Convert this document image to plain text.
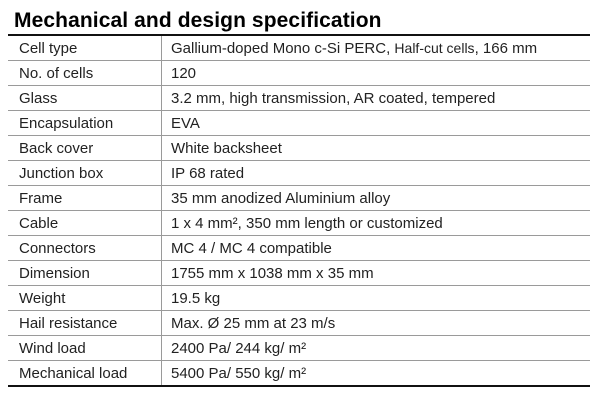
Mechanical and design specification
Cell type	Gallium-doped Mono c-Si PERC, Half-cut cells, 166 mm
No. of cells	120
Glass	3.2 mm, high transmission, AR coated, tempered
Encapsulation	EVA
Back cover	White backsheet
Junction box	IP 68 rated
Frame	35 mm anodized Aluminium alloy
Cable	1 x 4 mm², 350 mm length or customized
Connectors	MC 4 / MC 4 compatible
Dimension	1755 mm x 1038 mm x 35 mm
Weight	19.5 kg
Hail resistance	Max. Ø 25 mm at 23 m/s
Wind load	2400 Pa/ 244 kg/ m²
Mechanical load	5400 Pa/ 550 kg/ m²
